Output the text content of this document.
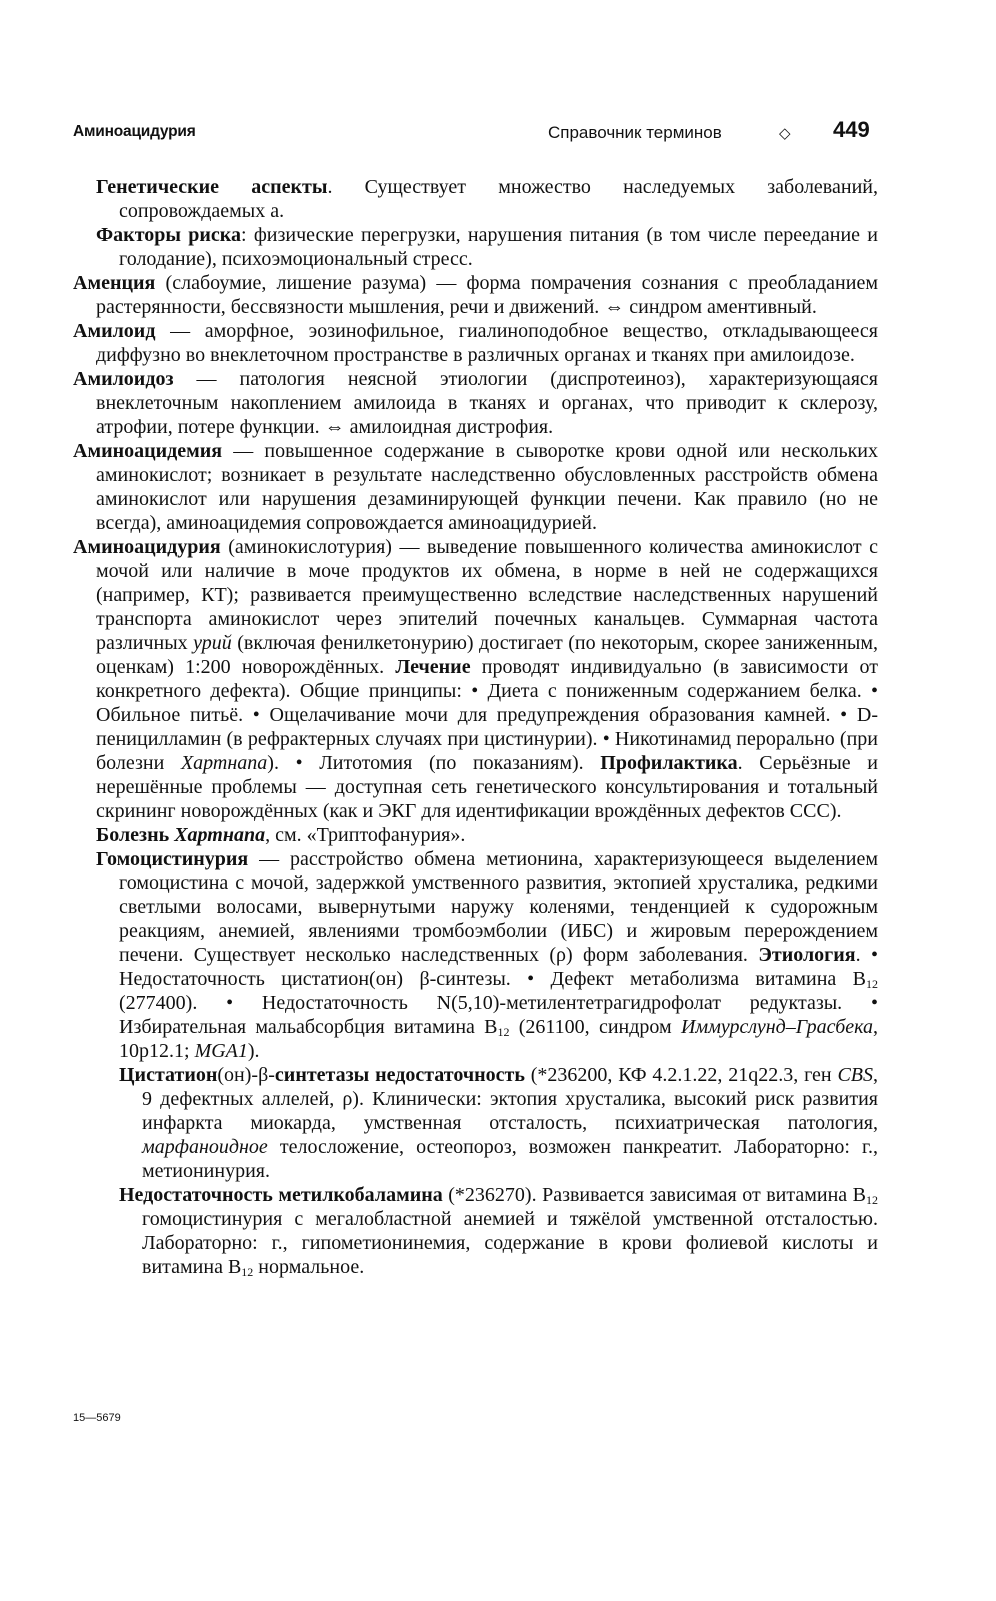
Аминоацидурия	Справочник терминов	◇ 449

Генетические аспекты. Существует множество наследуемых заболеваний, сопровождаемых а.

Факторы риска: физические перегрузки, нарушения питания (в том числе переедание и голодание), психоэмоциональный стресс.

Аменция (слабоумие, лишение разума) — форма помрачения сознания с преобладанием растерянности, бессвязности мышления, речи и движений. ⇔ синдром аментивный.

Амилоид — аморфное, эозинофильное, гиалиноподобное вещество, откладывающееся диффузно во внеклеточном пространстве в различных органах и тканях при амилоидозе.

Амилоидоз — патология неясной этиологии (диспротеиноз), характеризующаяся внеклеточным накоплением амилоида в тканях и органах, что приводит к склерозу, атрофии, потере функции. ⇔ амилоидная дистрофия.

Аминоацидемия — повышенное содержание в сыворотке крови одной или нескольких аминокислот; возникает в результате наследственно обусловленных расстройств обмена аминокислот или нарушения дезаминирующей функции печени. Как правило (но не всегда), аминоацидемия сопровождается аминоацидурией.

Аминоацидурия (аминокислотурия) — выведение повышенного количества аминокислот с мочой или наличие в моче продуктов их обмена, в норме в ней не содержащихся (например, КТ); развивается преимущественно вследствие наследственных нарушений транспорта аминокислот через эпителий почечных канальцев. Суммарная частота различных урий (включая фенилкетонурию) достигает (по некоторым, скорее заниженным, оценкам) 1:200 новорождённых. Лечение проводят индивидуально (в зависимости от конкретного дефекта). Общие принципы: • Диета с пониженным содержанием белка. • Обильное питьё. • Ощелачивание мочи для предупреждения образования камней. • D-пеницилламин (в рефрактерных случаях при цистинурии). • Никотинамид перорально (при болезни Хартнапа). • Литотомия (по показаниям). Профилактика. Серьёзные и нерешённые проблемы — доступная сеть генетического консультирования и тотальный скрининг новорождённых (как и ЭКГ для идентификации врождённых дефектов ССС).

Болезнь Хартнапа, см. «Триптофанурия».

Гомоцистинурия — расстройство обмена метионина, характеризующееся выделением гомоцистина с мочой, задержкой умственного развития, эктопией хрусталика, редкими светлыми волосами, вывернутыми наружу коленями, тенденцией к судорожным реакциям, анемией, явлениями тромбоэмболии (ИБС) и жировым перерождением печени. Существует несколько наследственных (ρ) форм заболевания. Этиология. • Недостаточность цистатион(он) β-синтезы. • Дефект метаболизма витамина $B_{12}$ (277400). • Недостаточность N(5,10)-метилентетрагидрофолат редуктазы. • Избирательная мальабсорбция витамина $B_{12}$ (261100, синдром Иммурслунд–Грасбека, 10p12.1; MGA1).

Цистатион(он)-β-синтетазы недостаточность (*236200, КФ 4.2.1.22, 21q22.3, ген CBS, 9 дефектных аллелей, ρ). Клинически: эктопия хрусталика, высокий риск развития инфаркта миокарда, умственная отсталость, психиатрическая патология, марфаноидное телосложение, остеопороз, возможен панкреатит. Лабораторно: г., метионинурия.

Недостаточность метилкобаламина (*236270). Развивается зависимая от витамина $B_{12}$ гомоцистинурия с мегалобластной анемией и тяжёлой умственной отсталостью. Лабораторно: г., гипометионинемия, содержание в крови фолиевой кислоты и витамина $B_{12}$ нормальное.

15—5679
